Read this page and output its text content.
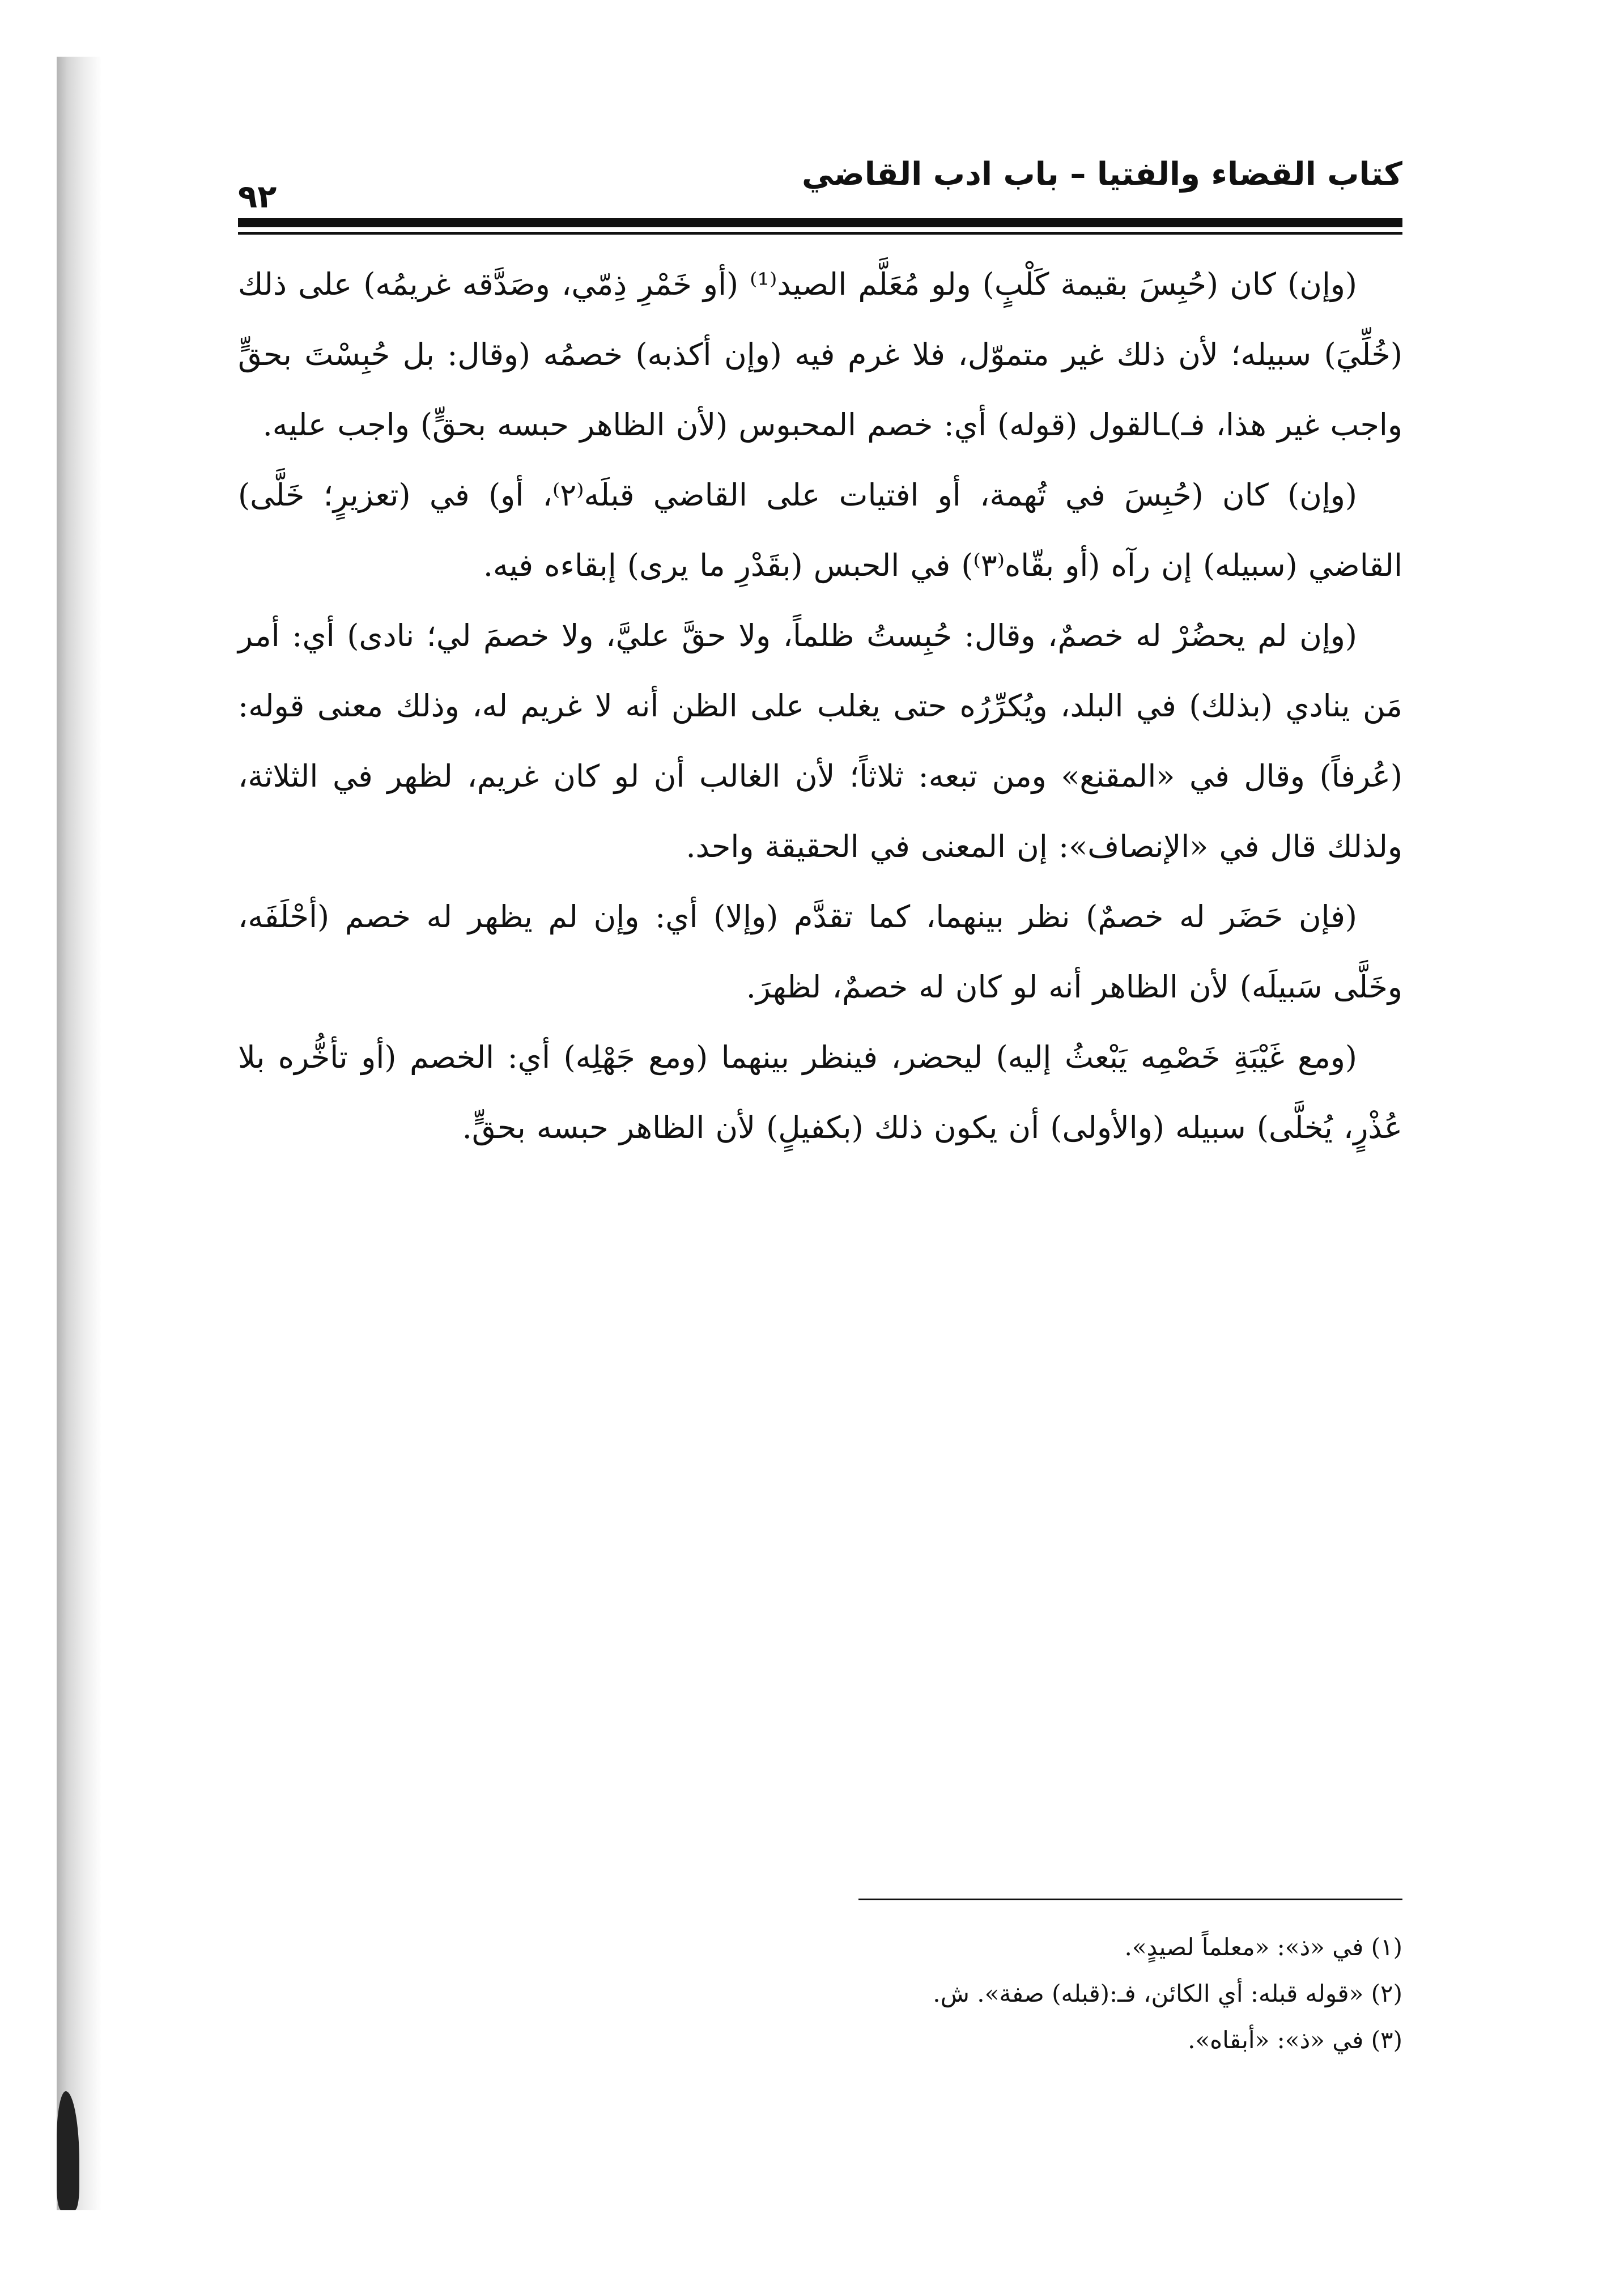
كتاب القضاء والفتيا – باب ادب القاضي
٩٢

(وإن) كان (حُبِسَ بقيمة كَلْبٍ) ولو مُعَلَّم الصيد⁽¹⁾ (أو خَمْرِ ذِمّي، وصَدَّقه غريمُه) على ذلك (خُلِّيَ) سبيله؛ لأن ذلك غير متموّل، فلا غرم فيه (وإن أكذبه) خصمُه (وقال: بل حُبِسْتَ بحقٍّ واجب غير هذا، فـ)ـالقول (قوله) أي: خصم المحبوس (لأن الظاهر حبسه بحقٍّ) واجب عليه.

(وإن) كان (حُبِسَ في تُهمة، أو افتيات على القاضي قبلَه⁽٢⁾، أو) في (تعزيرٍ؛ خَلَّى) القاضي (سبيله) إن رآه (أو بقّاه⁽٣⁾) في الحبس (بقَدْرِ ما يرى) إبقاءه فيه.

(وإن لم يحضُرْ له خصمٌ، وقال: حُبِستُ ظلماً، ولا حقَّ عليَّ، ولا خصمَ لي؛ نادى) أي: أمر مَن ينادي (بذلك) في البلد، ويُكرِّرُه حتى يغلب على الظن أنه لا غريم له، وذلك معنى قوله: (عُرفاً) وقال في «المقنع» ومن تبعه: ثلاثاً؛ لأن الغالب أن لو كان غريم، لظهر في الثلاثة، ولذلك قال في «الإنصاف»: إن المعنى في الحقيقة واحد.

(فإن حَضَر له خصمٌ) نظر بينهما، كما تقدَّم (وإلا) أي: وإن لم يظهر له خصم (أحْلَفَه، وخَلَّى سَبيلَه) لأن الظاهر أنه لو كان له خصمٌ، لظهرَ.

(ومع غَيْبَةِ خَصْمِه يَبْعثُ إليه) ليحضر، فينظر بينهما (ومع جَهْلِه) أي: الخصم (أو تأخُّره بلا عُذْرٍ، يُخلَّى) سبيله (والأولى) أن يكون ذلك (بكفيلٍ) لأن الظاهر حبسه بحقٍّ.

(١) في «ذ»: «معلماً لصيدٍ».

(٢) «قوله قبله: أي الكائن، فـ:(قبله) صفة». ش.

(٣) في «ذ»: «أبقاه».
